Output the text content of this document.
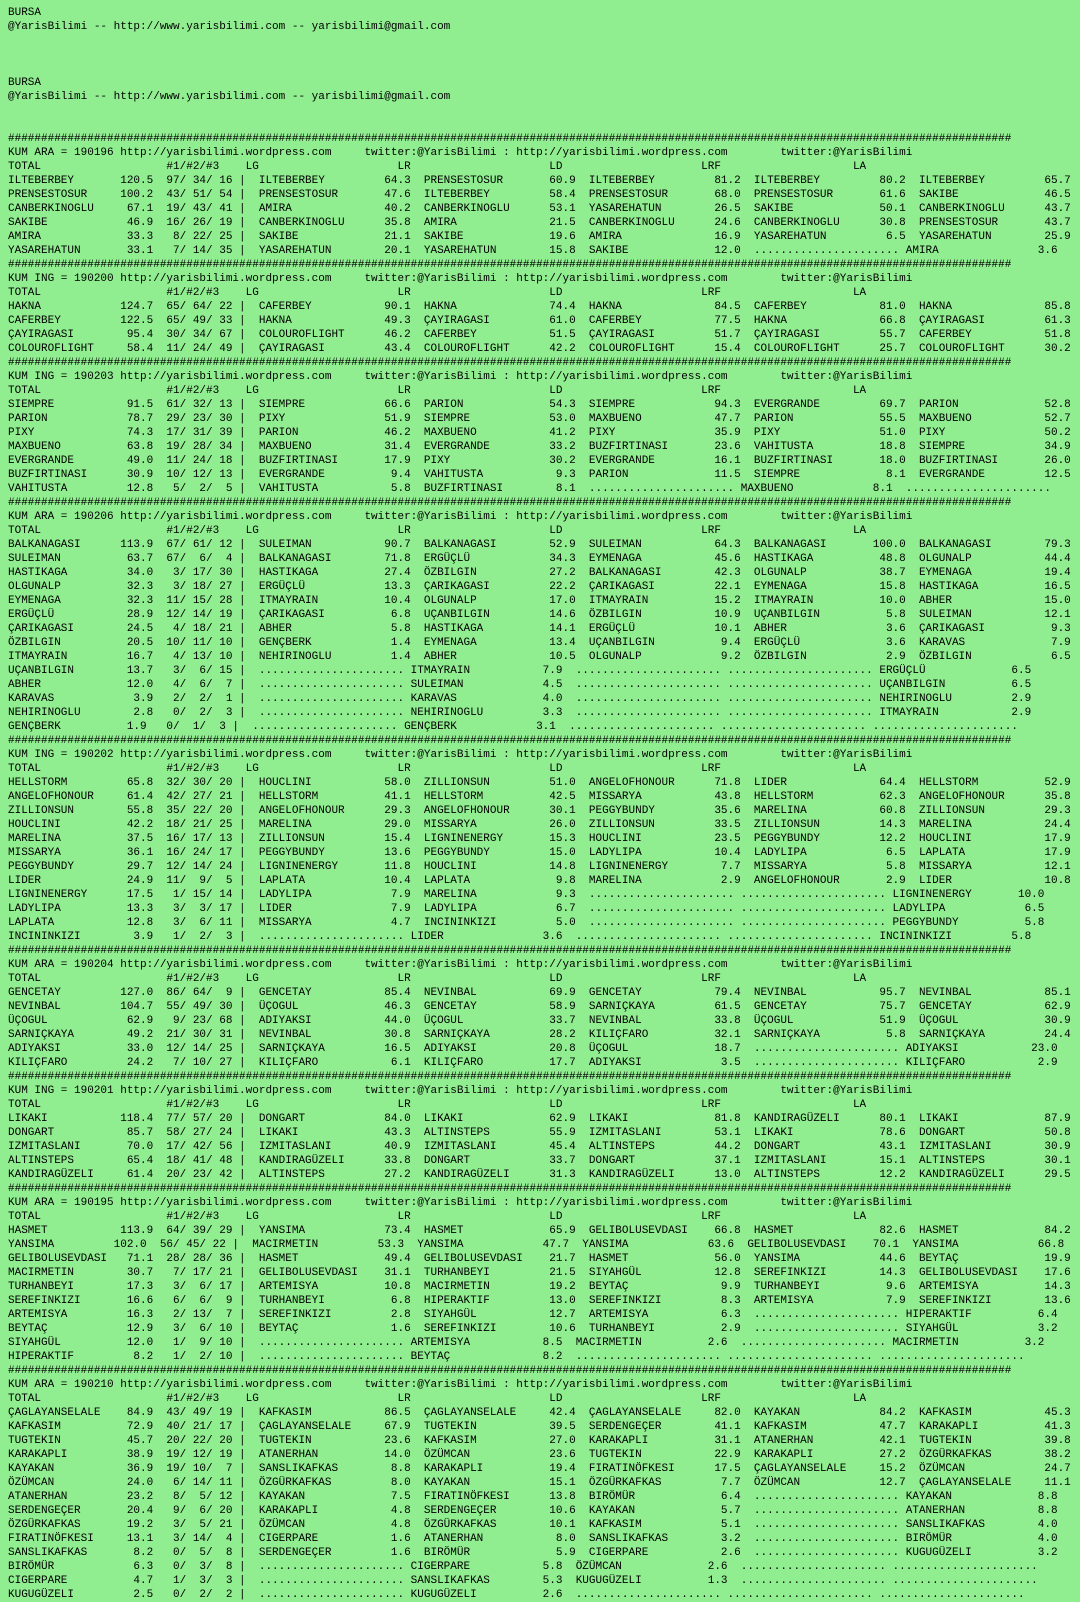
BURSA
@YarisBilimi -- http://www.yarisbilimi.com -- yarisbilimi@gmail.com

BURSA
@YarisBilimi -- http://www.yarisbilimi.com -- yarisbilimi@gmail.com

########################################################################################################################################################
KUM ARA = 190196 http://yarisbilimi.wordpress.com     twitter:@YarisBilimi : http://yarisbilimi.wordpress.com        twitter:@YarisBilimi
TOTAL                   #1/#2/#3    LG                     LR                     LD                     LRF                    LA
ILTEBERBEY       120.5  97/ 34/ 16 |  ILTEBERBEY         64.3  PRENSESTOSUR       60.9  ILTEBERBEY         81.2  ILTEBERBEY         80.2  ILTEBERBEY         65.7
PRENSESTOSUR     100.2  43/ 51/ 54 |  PRENSESTOSUR       47.6  ILTEBERBEY         58.4  PRENSESTOSUR       68.0  PRENSESTOSUR       61.6  SAKIBE             46.5
CANBERKINOGLU     67.1  19/ 43/ 41 |  AMIRA              40.2  CANBERKINOGLU      53.1  YASAREHATUN        26.5  SAKIBE             50.1  CANBERKINOGLU      43.7
SAKIBE            46.9  16/ 26/ 19 |  CANBERKINOGLU      35.8  AMIRA              21.5  CANBERKINOGLU      24.6  CANBERKINOGLU      30.8  PRENSESTOSUR       43.7
AMIRA             33.3   8/ 22/ 25 |  SAKIBE             21.1  SAKIBE             19.6  AMIRA              16.9  YASAREHATUN         6.5  YASAREHATUN        25.9
YASAREHATUN       33.1   7/ 14/ 35 |  YASAREHATUN        20.1  YASAREHATUN        15.8  SAKIBE             12.0  ...................... AMIRA               3.6
########################################################################################################################################################
KUM ING = 190200 http://yarisbilimi.wordpress.com     twitter:@YarisBilimi : http://yarisbilimi.wordpress.com        twitter:@YarisBilimi
TOTAL                   #1/#2/#3    LG                     LR                     LD                     LRF                    LA
HAKNA            124.7  65/ 64/ 22 |  CAFERBEY           90.1  HAKNA              74.4  HAKNA              84.5  CAFERBEY           81.0  HAKNA              85.8
CAFERBEY         122.5  65/ 49/ 33 |  HAKNA              49.3  ÇAYIRAGASI         61.0  CAFERBEY           77.5  HAKNA              66.8  ÇAYIRAGASI         61.3
ÇAYIRAGASI        95.4  30/ 34/ 67 |  COLOUROFLIGHT      46.2  CAFERBEY           51.5  ÇAYIRAGASI         51.7  ÇAYIRAGASI         55.7  CAFERBEY           51.8
COLOUROFLIGHT     58.4  11/ 24/ 49 |  ÇAYIRAGASI         43.4  COLOUROFLIGHT      42.2  COLOUROFLIGHT      15.4  COLOUROFLIGHT      25.7  COLOUROFLIGHT      30.2
########################################################################################################################################################
KUM ING = 190203 http://yarisbilimi.wordpress.com     twitter:@YarisBilimi : http://yarisbilimi.wordpress.com        twitter:@YarisBilimi
TOTAL                   #1/#2/#3    LG                     LR                     LD                     LRF                    LA
SIEMPRE           91.5  61/ 32/ 13 |  SIEMPRE            66.6  PARION             54.3  SIEMPRE            94.3  EVERGRANDE         69.7  PARION             52.8
PARION            78.7  29/ 23/ 30 |  PIXY               51.9  SIEMPRE            53.0  MAXBUENO           47.7  PARION             55.5  MAXBUENO           52.7
PIXY              74.3  17/ 31/ 39 |  PARION             46.2  MAXBUENO           41.2  PIXY               35.9  PIXY               51.0  PIXY               50.2
MAXBUENO          63.8  19/ 28/ 34 |  MAXBUENO           31.4  EVERGRANDE         33.2  BUZFIRTINASI       23.6  VAHITUSTA          18.8  SIEMPRE            34.9
EVERGRANDE        49.0  11/ 24/ 18 |  BUZFIRTINASI       17.9  PIXY               30.2  EVERGRANDE         16.1  BUZFIRTINASI       18.0  BUZFIRTINASI       26.0
BUZFIRTINASI      30.9  10/ 12/ 13 |  EVERGRANDE          9.4  VAHITUSTA           9.3  PARION             11.5  SIEMPRE             8.1  EVERGRANDE         12.5
VAHITUSTA         12.8   5/  2/  5 |  VAHITUSTA           5.8  BUZFIRTINASI        8.1  ...................... MAXBUENO            8.1  ......................
########################################################################################################################################################
KUM ARA = 190206 http://yarisbilimi.wordpress.com     twitter:@YarisBilimi : http://yarisbilimi.wordpress.com        twitter:@YarisBilimi
TOTAL                   #1/#2/#3    LG                     LR                     LD                     LRF                    LA
BALKANAGASI      113.9  67/ 61/ 12 |  SULEIMAN           90.7  BALKANAGASI        52.9  SULEIMAN           64.3  BALKANAGASI       100.0  BALKANAGASI        79.3
SULEIMAN          63.7  67/  6/  4 |  BALKANAGASI        71.8  ERGÜÇLÜ            34.3  EYMENAGA           45.6  HASTIKAGA          48.8  OLGUNALP           44.4
HASTIKAGA         34.0   3/ 17/ 30 |  HASTIKAGA          27.4  ÖZBILGIN           27.2  BALKANAGASI        42.3  OLGUNALP           38.7  EYMENAGA           19.4
OLGUNALP          32.3   3/ 18/ 27 |  ERGÜÇLÜ            13.3  ÇARIKAGASI         22.2  ÇARIKAGASI         22.1  EYMENAGA           15.8  HASTIKAGA          16.5
EYMENAGA          32.3  11/ 15/ 28 |  ITMAYRAIN          10.4  OLGUNALP           17.0  ITMAYRAIN          15.2  ITMAYRAIN          10.0  ABHER              15.0
ERGÜÇLÜ           28.9  12/ 14/ 19 |  ÇARIKAGASI          6.8  UÇANBILGIN         14.6  ÖZBILGIN           10.9  UÇANBILGIN          5.8  SULEIMAN           12.1
ÇARIKAGASI        24.5   4/ 18/ 21 |  ABHER               5.8  HASTIKAGA          14.1  ERGÜÇLÜ            10.1  ABHER               3.6  ÇARIKAGASI          9.3
ÖZBILGIN          20.5  10/ 11/ 10 |  GENÇBERK            1.4  EYMENAGA           13.4  UÇANBILGIN          9.4  ERGÜÇLÜ             3.6  KARAVAS             7.9
ITMAYRAIN         16.7   4/ 13/ 10 |  NEHIRINOGLU         1.4  ABHER              10.5  OLGUNALP            9.2  ÖZBILGIN            2.9  ÖZBILGIN            6.5
UÇANBILGIN        13.7   3/  6/ 15 |  ...................... ITMAYRAIN           7.9  ...................... ...................... ERGÜÇLÜ             6.5
ABHER             12.0   4/  6/  7 |  ...................... SULEIMAN            4.5  ...................... ...................... UÇANBILGIN          6.5
KARAVAS            3.9   2/  2/  1 |  ...................... KARAVAS             4.0  ...................... ...................... NEHIRINOGLU         2.9
NEHIRINOGLU        2.8   0/  2/  3 |  ...................... NEHIRINOGLU         3.3  ...................... ...................... ITMAYRAIN           2.9
GENÇBERK          1.9   0/  1/  3 |  ...................... GENÇBERK            3.1  ...................... ...................... ......................
########################################################################################################################################################
KUM ING = 190202 http://yarisbilimi.wordpress.com     twitter:@YarisBilimi : http://yarisbilimi.wordpress.com        twitter:@YarisBilimi
TOTAL                   #1/#2/#3    LG                     LR                     LD                     LRF                    LA
HELLSTORM         65.8  32/ 30/ 20 |  HOUCLINI           58.0  ZILLIONSUN         51.0  ANGELOFHONOUR      71.8  LIDER              64.4  HELLSTORM          52.9
ANGELOFHONOUR     61.4  42/ 27/ 21 |  HELLSTORM          41.1  HELLSTORM          42.5  MISSARYA           43.8  HELLSTORM          62.3  ANGELOFHONOUR      35.8
ZILLIONSUN        55.8  35/ 22/ 20 |  ANGELOFHONOUR      29.3  ANGELOFHONOUR      30.1  PEGGYBUNDY         35.6  MARELINA           60.8  ZILLIONSUN         29.3
HOUCLINI          42.2  18/ 21/ 25 |  MARELINA           29.0  MISSARYA           26.0  ZILLIONSUN         33.5  ZILLIONSUN         14.3  MARELINA           24.4
MARELINA          37.5  16/ 17/ 13 |  ZILLIONSUN         15.4  LIGNINENERGY       15.3  HOUCLINI           23.5  PEGGYBUNDY         12.2  HOUCLINI           17.9
MISSARYA          36.1  16/ 24/ 17 |  PEGGYBUNDY         13.6  PEGGYBUNDY         15.0  LADYLIPA           10.4  LADYLIPA            6.5  LAPLATA            17.9
PEGGYBUNDY        29.7  12/ 14/ 24 |  LIGNINENERGY       11.8  HOUCLINI           14.8  LIGNINENERGY        7.7  MISSARYA            5.8  MISSARYA           12.1
LIDER             24.9  11/  9/  5 |  LAPLATA            10.4  LAPLATA             9.8  MARELINA            2.9  ANGELOFHONOUR       2.9  LIDER              10.8
LIGNINENERGY      17.5   1/ 15/ 14 |  LADYLIPA            7.9  MARELINA            9.3  ...................... ...................... LIGNINENERGY       10.0
LADYLIPA          13.3   3/  3/ 17 |  LIDER               7.9  LADYLIPA            6.7  ...................... ...................... LADYLIPA            6.5
LAPLATA           12.8   3/  6/ 11 |  MISSARYA            4.7  INCININKIZI         5.0  ...................... ...................... PEGGYBUNDY          5.8
INCININKIZI        3.9   1/  2/  3 |  ...................... LIDER               3.6  ...................... ...................... INCININKIZI         5.8
########################################################################################################################################################
KUM ARA = 190204 http://yarisbilimi.wordpress.com     twitter:@YarisBilimi : http://yarisbilimi.wordpress.com        twitter:@YarisBilimi
TOTAL                   #1/#2/#3    LG                     LR                     LD                     LRF                    LA
GENCETAY         127.0  86/ 64/  9 |  GENCETAY           85.4  NEVINBAL           69.9  GENCETAY           79.4  NEVINBAL           95.7  NEVINBAL           85.1
NEVINBAL         104.7  55/ 49/ 30 |  ÜÇOGUL             46.3  GENCETAY           58.9  SARNIÇKAYA         61.5  GENCETAY           75.7  GENCETAY           62.9
ÜÇOGUL            62.9   9/ 23/ 68 |  ADIYAKSI           44.0  ÜÇOGUL             33.7  NEVINBAL           33.8  ÜÇOGUL             51.9  ÜÇOGUL             30.9
SARNIÇKAYA        49.2  21/ 30/ 31 |  NEVINBAL           30.8  SARNIÇKAYA         28.2  KILIÇFARO          32.1  SARNIÇKAYA          5.8  SARNIÇKAYA         24.4
ADIYAKSI          33.0  12/ 14/ 25 |  SARNIÇKAYA         16.5  ADIYAKSI           20.8  ÜÇOGUL             18.7  ...................... ADIYAKSI           23.0
KILIÇFARO         24.2   7/ 10/ 27 |  KILIÇFARO           6.1  KILIÇFARO          17.7  ADIYAKSI            3.5  ...................... KILIÇFARO           2.9
########################################################################################################################################################
KUM ING = 190201 http://yarisbilimi.wordpress.com     twitter:@YarisBilimi : http://yarisbilimi.wordpress.com        twitter:@YarisBilimi
TOTAL                   #1/#2/#3    LG                     LR                     LD                     LRF                    LA
LIKAKI           118.4  77/ 57/ 20 |  DONGART            84.0  LIKAKI             62.9  LIKAKI             81.8  KANDIRAGÜZELI      80.1  LIKAKI             87.9
DONGART           85.7  58/ 27/ 24 |  LIKAKI             43.3  ALTINSTEPS         55.9  IZMITASLANI        53.1  LIKAKI             78.6  DONGART            50.8
IZMITASLANI       70.0  17/ 42/ 56 |  IZMITASLANI        40.9  IZMITASLANI        45.4  ALTINSTEPS         44.2  DONGART            43.1  IZMITASLANI        30.9
ALTINSTEPS        65.4  18/ 41/ 48 |  KANDIRAGÜZELI      33.8  DONGART            33.7  DONGART            37.1  IZMITASLANI        15.1  ALTINSTEPS         30.1
KANDIRAGÜZELI     61.4  20/ 23/ 42 |  ALTINSTEPS         27.2  KANDIRAGÜZELI      31.3  KANDIRAGÜZELI      13.0  ALTINSTEPS         12.2  KANDIRAGÜZELI      29.5
########################################################################################################################################################
KUM ARA = 190195 http://yarisbilimi.wordpress.com     twitter:@YarisBilimi : http://yarisbilimi.wordpress.com        twitter:@YarisBilimi
TOTAL                   #1/#2/#3    LG                     LR                     LD                     LRF                    LA
HASMET           113.9  64/ 39/ 29 |  YANSIMA            73.4  HASMET             65.9  GELIBOLUSEVDASI    66.8  HASMET             82.6  HASMET             84.2
YANSIMA         102.0  56/ 45/ 22 |  MACIRMETIN         53.3  YANSIMA            47.7  YANSIMA            63.6  GELIBOLUSEVDASI    70.1  YANSIMA            66.8
GELIBOLUSEVDASI   71.1  28/ 28/ 36 |  HASMET             49.4  GELIBOLUSEVDASI    21.7  HASMET             56.0  YANSIMA            44.6  BEYTAÇ             19.9
MACIRMETIN        30.7   7/ 17/ 21 |  GELIBOLUSEVDASI    31.1  TURHANBEYI         21.5  SIYAHGÜL           12.8  SEREFINKIZI        14.3  GELIBOLUSEVDASI    17.6
TURHANBEYI        17.3   3/  6/ 17 |  ARTEMISYA          10.8  MACIRMETIN         19.2  BEYTAÇ              9.9  TURHANBEYI          9.6  ARTEMISYA          14.3
SEREFINKIZI       16.6   6/  6/  9 |  TURHANBEYI          6.8  HIPERAKTIF         13.0  SEREFINKIZI         8.3  ARTEMISYA           7.9  SEREFINKIZI        13.6
ARTEMISYA         16.3   2/ 13/  7 |  SEREFINKIZI         2.8  SIYAHGÜL           12.7  ARTEMISYA           6.3  ...................... HIPERAKTIF          6.4
BEYTAÇ            12.9   3/  6/ 10 |  BEYTAÇ              1.6  SEREFINKIZI        10.6  TURHANBEYI          2.9  ...................... SIYAHGÜL            3.2
SIYAHGÜL          12.0   1/  9/ 10 |  ...................... ARTEMISYA           8.5  MACIRMETIN          2.6  ...................... MACIRMETIN          3.2
HIPERAKTIF         8.2   1/  2/ 10 |  ...................... BEYTAÇ              8.2  ...................... ...................... ......................
########################################################################################################################################################
KUM ARA = 190210 http://yarisbilimi.wordpress.com     twitter:@YarisBilimi : http://yarisbilimi.wordpress.com        twitter:@YarisBilimi
TOTAL                   #1/#2/#3    LG                     LR                     LD                     LRF                    LA
ÇAGLAYANSELALE    84.9  43/ 49/ 19 |  KAFKASIM           86.5  ÇAGLAYANSELALE     42.4  ÇAGLAYANSELALE     82.0  KAYAKAN            84.2  KAFKASIM           45.3
KAFKASIM          72.9  40/ 21/ 17 |  ÇAGLAYANSELALE     67.9  TUGTEKIN           39.5  SERDENGEÇER        41.1  KAFKASIM           47.7  KARAKAPLI          41.3
TUGTEKIN          45.7  20/ 22/ 20 |  TUGTEKIN           23.6  KAFKASIM           27.0  KARAKAPLI          31.1  ATANERHAN          42.1  TUGTEKIN           39.8
KARAKAPLI         38.9  19/ 12/ 19 |  ATANERHAN          14.0  ÖZÜMCAN            23.6  TUGTEKIN           22.9  KARAKAPLI          27.2  ÖZGÜRKAFKAS        38.2
KAYAKAN           36.9  19/ 10/  7 |  SANSLIKAFKAS        8.8  KARAKAPLI          19.4  FIRATINÖFKESI      17.5  ÇAGLAYANSELALE     15.2  ÖZÜMCAN            24.7
ÖZÜMCAN           24.0   6/ 14/ 11 |  ÖZGÜRKAFKAS         8.0  KAYAKAN            15.1  ÖZGÜRKAFKAS         7.7  ÖZÜMCAN            12.7  ÇAGLAYANSELALE     11.1
ATANERHAN         23.2   8/  5/ 12 |  KAYAKAN             7.5  FIRATINÖFKESI      13.8  BIRÖMÜR             6.4  ...................... KAYAKAN             8.8
SERDENGEÇER       20.4   9/  6/ 20 |  KARAKAPLI           4.8  SERDENGEÇER        10.6  KAYAKAN             5.7  ...................... ATANERHAN           8.8
ÖZGÜRKAFKAS       19.2   3/  5/ 21 |  ÖZÜMCAN             4.8  ÖZGÜRKAFKAS        10.1  KAFKASIM            5.1  ...................... SANSLIKAFKAS        4.0
FIRATINÖFKESI     13.1   3/ 14/  4 |  CIGERPARE           1.6  ATANERHAN           8.0  SANSLIKAFKAS        3.2  ...................... BIRÖMÜR             4.0
SANSLIKAFKAS       8.2   0/  5/  8 |  SERDENGEÇER         1.6  BIRÖMÜR             5.9  CIGERPARE           2.6  ...................... KUGUGÜZELI          3.2
BIRÖMÜR            6.3   0/  3/  8 |  ...................... CIGERPARE           5.8  ÖZÜMCAN             2.6  ...................... ......................
CIGERPARE          4.7   1/  3/  3 |  ...................... SANSLIKAFKAS        5.3  KUGUGÜZELI          1.3  ...................... ......................
KUGUGÜZELI         2.5   0/  2/  2 |  ...................... KUGUGÜZELI          2.6  ...................... ...................... ......................
